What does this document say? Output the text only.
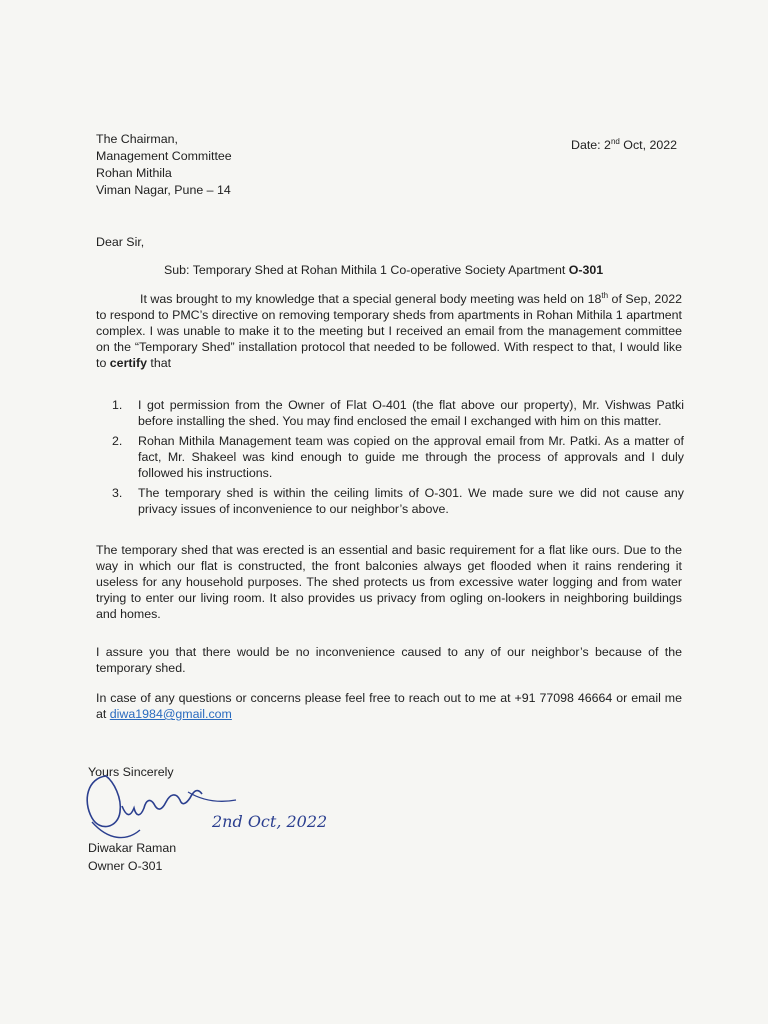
The Chairman,
Management Committee
Rohan Mithila
Viman Nagar, Pune – 14
Date: 2nd Oct, 2022
Dear Sir,
Sub: Temporary Shed at Rohan Mithila 1 Co-operative Society Apartment O-301
It was brought to my knowledge that a special general body meeting was held on 18th of Sep, 2022 to respond to PMC’s directive on removing temporary sheds from apartments in Rohan Mithila 1 apartment complex. I was unable to make it to the meeting but I received an email from the management committee on the “Temporary Shed” installation protocol that needed to be followed. With respect to that, I would like to certify that
1. I got permission from the Owner of Flat O-401 (the flat above our property), Mr. Vishwas Patki before installing the shed. You may find enclosed the email I exchanged with him on this matter.
2. Rohan Mithila Management team was copied on the approval email from Mr. Patki. As a matter of fact, Mr. Shakeel was kind enough to guide me through the process of approvals and I duly followed his instructions.
3. The temporary shed is within the ceiling limits of O-301. We made sure we did not cause any privacy issues of inconvenience to our neighbor’s above.
The temporary shed that was erected is an essential and basic requirement for a flat like ours. Due to the way in which our flat is constructed, the front balconies always get flooded when it rains rendering it useless for any household purposes. The shed protects us from excessive water logging and from water trying to enter our living room. It also provides us privacy from ogling on-lookers in neighboring buildings and homes.
I assure you that there would be no inconvenience caused to any of our neighbor’s because of the temporary shed.
In case of any questions or concerns please feel free to reach out to me at +91 77098 46664 or email me at diwa1984@gmail.com
Yours Sincerely
2nd Oct, 2022
Diwakar Raman
Owner O-301
